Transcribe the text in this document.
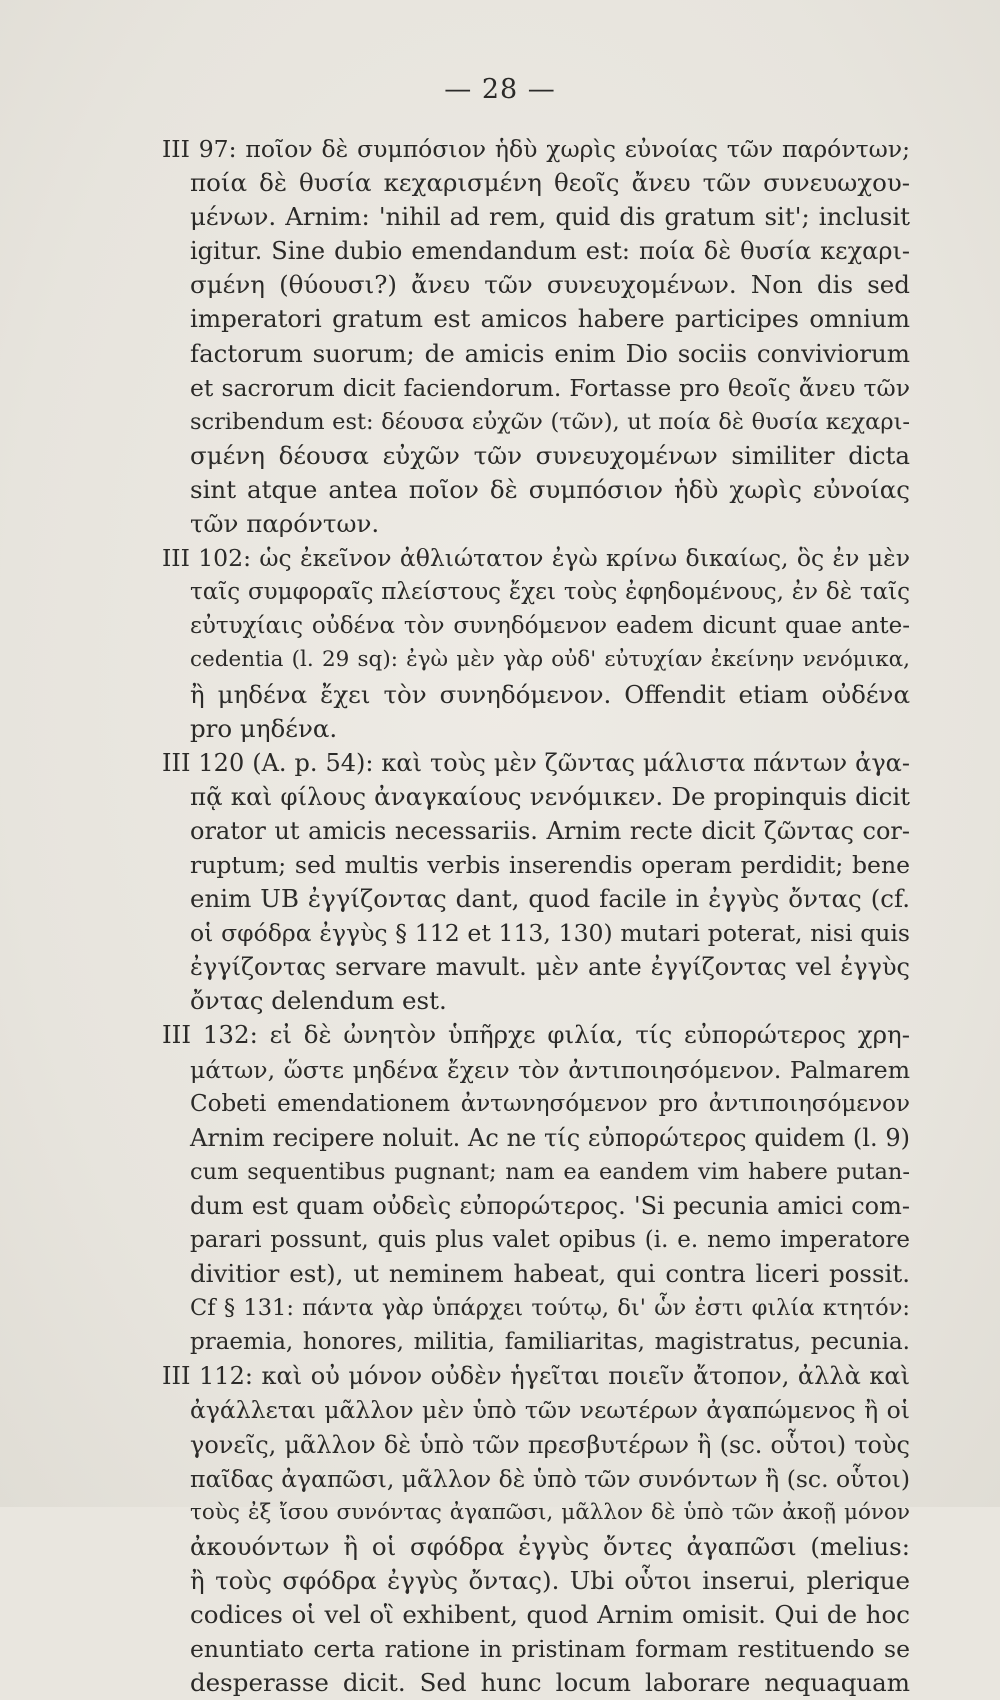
— 28 —
III 97: ποῖον δὲ συμπόσιον ἡδὺ χωρὶς εὐνοίας τῶν παρόντων;
ποία δὲ θυσία κεχαρισμένη θεοῖς ἄνευ τῶν συνευωχου-
μένων. Arnim: 'nihil ad rem, quid dis gratum sit'; inclusit
igitur. Sine dubio emendandum est: ποία δὲ θυσία κεχαρι-
σμένη (θύουσι?) ἄνευ τῶν συνευχομένων. Non dis sed
imperatori gratum est amicos habere participes omnium
factorum suorum; de amicis enim Dio sociis conviviorum
et sacrorum dicit faciendorum. Fortasse pro θεοῖς ἄνευ τῶν
scribendum est: δέουσα εὐχῶν (τῶν), ut ποία δὲ θυσία κεχαρι-
σμένη δέουσα εὐχῶν τῶν συνευχομένων similiter dicta
sint atque antea ποῖον δὲ συμπόσιον ἡδὺ χωρὶς εὐνοίας
τῶν παρόντων.
III 102: ὡς ἐκεῖνον ἀθλιώτατον ἐγὼ κρίνω δικαίως, ὃς ἐν μὲν
ταῖς συμφοραῖς πλείστους ἔχει τοὺς ἐφηδομένους, ἐν δὲ ταῖς
εὐτυχίαις οὐδένα τὸν συνηδόμενον eadem dicunt quae ante-
cedentia (l. 29 sq): ἐγὼ μὲν γὰρ οὐδ' εὐτυχίαν ἐκείνην νενόμικα,
ἢ μηδένα ἔχει τὸν συνηδόμενον. Offendit etiam οὐδένα
pro μηδένα.
III 120 (A. p. 54): καὶ τοὺς μὲν ζῶντας μάλιστα πάντων ἀγα-
πᾷ καὶ φίλους ἀναγκαίους νενόμικεν. De propinquis dicit
orator ut amicis necessariis. Arnim recte dicit ζῶντας cor-
ruptum; sed multis verbis inserendis operam perdidit; bene
enim UB ἐγγίζοντας dant, quod facile in ἐγγὺς ὄντας (cf.
οἱ σφόδρα ἐγγὺς § 112 et 113, 130) mutari poterat, nisi quis
ἐγγίζοντας servare mavult. μὲν ante ἐγγίζοντας vel ἐγγὺς
ὄντας delendum est.
III 132: εἰ δὲ ὠνητὸν ὑπῆρχε φιλία, τίς εὐπορώτερος χρη-
μάτων, ὥστε μηδένα ἔχειν τὸν ἀντιποιησόμενον. Palmarem
Cobeti emendationem ἀντωνησόμενον pro ἀντιποιησόμενον
Arnim recipere noluit. Ac ne τίς εὐπορώτερος quidem (l. 9)
cum sequentibus pugnant; nam ea eandem vim habere putan-
dum est quam οὐδεὶς εὐπορώτερος. 'Si pecunia amici com-
parari possunt, quis plus valet opibus (i. e. nemo imperatore
divitior est), ut neminem habeat, qui contra liceri possit.
Cf § 131: πάντα γὰρ ὑπάρχει τούτῳ, δι' ὧν ἐστι φιλία κτητόν:
praemia, honores, militia, familiaritas, magistratus, pecunia.
III 112: καὶ οὐ μόνον οὐδὲν ἡγεῖται ποιεῖν ἄτοπον, ἀλλὰ καὶ
ἀγάλλεται μᾶλλον μὲν ὑπὸ τῶν νεωτέρων ἀγαπώμενος ἢ οἱ
γονεῖς, μᾶλλον δὲ ὑπὸ τῶν πρεσβυτέρων ἢ (sc. οὗτοι) τοὺς
παῖδας ἀγαπῶσι, μᾶλλον δὲ ὑπὸ τῶν συνόντων ἢ (sc. οὗτοι)
τοὺς ἐξ ἴσου συνόντας ἀγαπῶσι, μᾶλλον δὲ ὑπὸ τῶν ἀκοῇ μόνον
ἀκουόντων ἢ οἱ σφόδρα ἐγγὺς ὄντες ἀγαπῶσι (melius:
ἢ τοὺς σφόδρα ἐγγὺς ὄντας). Ubi οὗτοι inserui, plerique
codices οἱ vel οἳ exhibent, quod Arnim omisit. Qui de hoc
enuntiato certa ratione in pristinam formam restituendo se
desperasse dicit. Sed hunc locum laborare nequaquam
